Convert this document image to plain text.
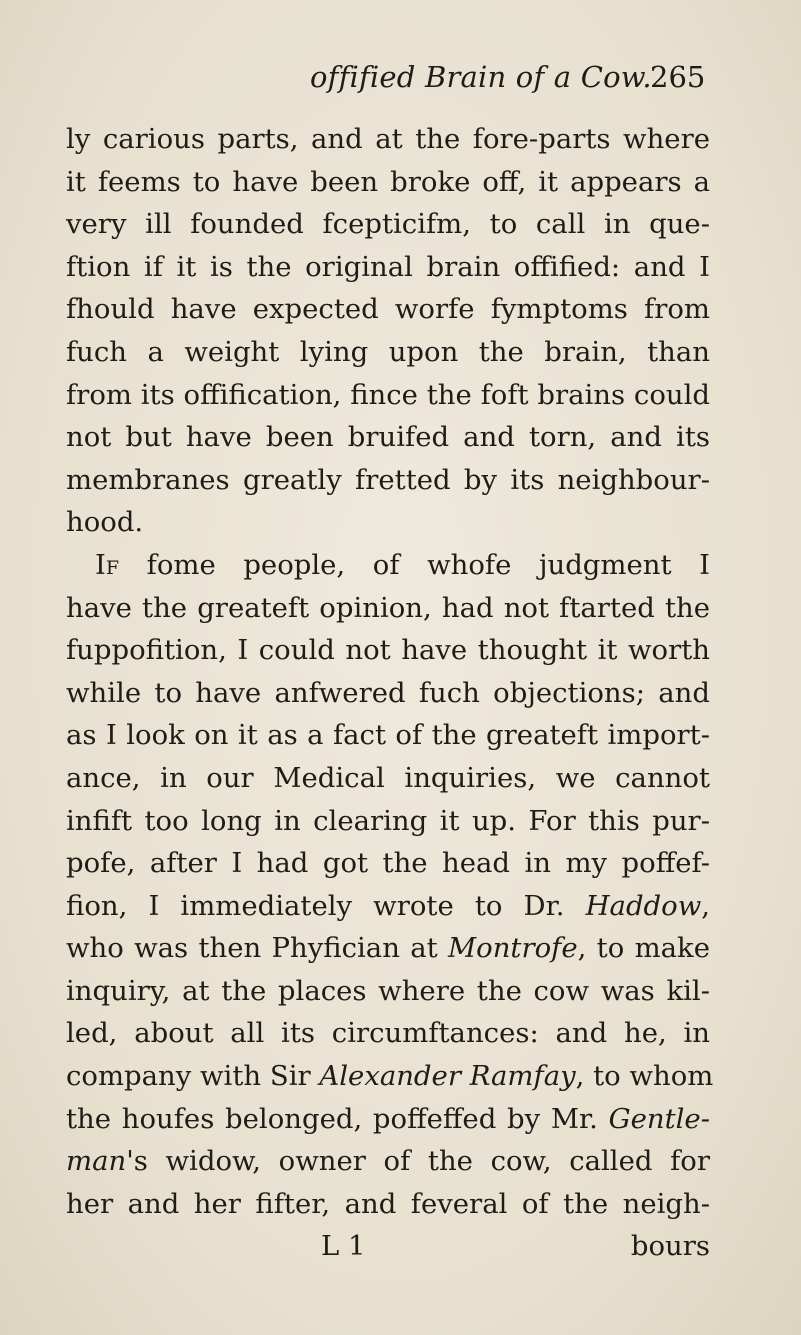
offified Brain of a Cow.
265
ly carious parts, and at the fore-parts where
it feems to have been broke off, it appears a
very ill founded fcepticifm, to call in que-
ftion if it is the original brain offified: and I
fhould have expected worfe fymptoms from
fuch a weight lying upon the brain, than
from its offification, fince the foft brains could
not but have been bruifed and torn, and its
membranes greatly fretted by its neighbour-
hood.
If fome people, of whofe judgment I
have the greateft opinion, had not ftarted the
fuppofition, I could not have thought it worth
while to have anfwered fuch objections; and
as I look on it as a fact of the greateft import-
ance, in our Medical inquiries, we cannot
infift too long in clearing it up. For this pur-
pofe, after I had got the head in my poffef-
fion, I immediately wrote to Dr. Haddow,
who was then Phyfician at Montrofe, to make
inquiry, at the places where the cow was kil-
led, about all its circumftances: and he, in
company with Sir Alexander Ramfay, to whom
the houfes belonged, poffeffed by Mr. Gentle-
man's widow, owner of the cow, called for
her and her fifter, and feveral of the neigh-
L 1	bours
